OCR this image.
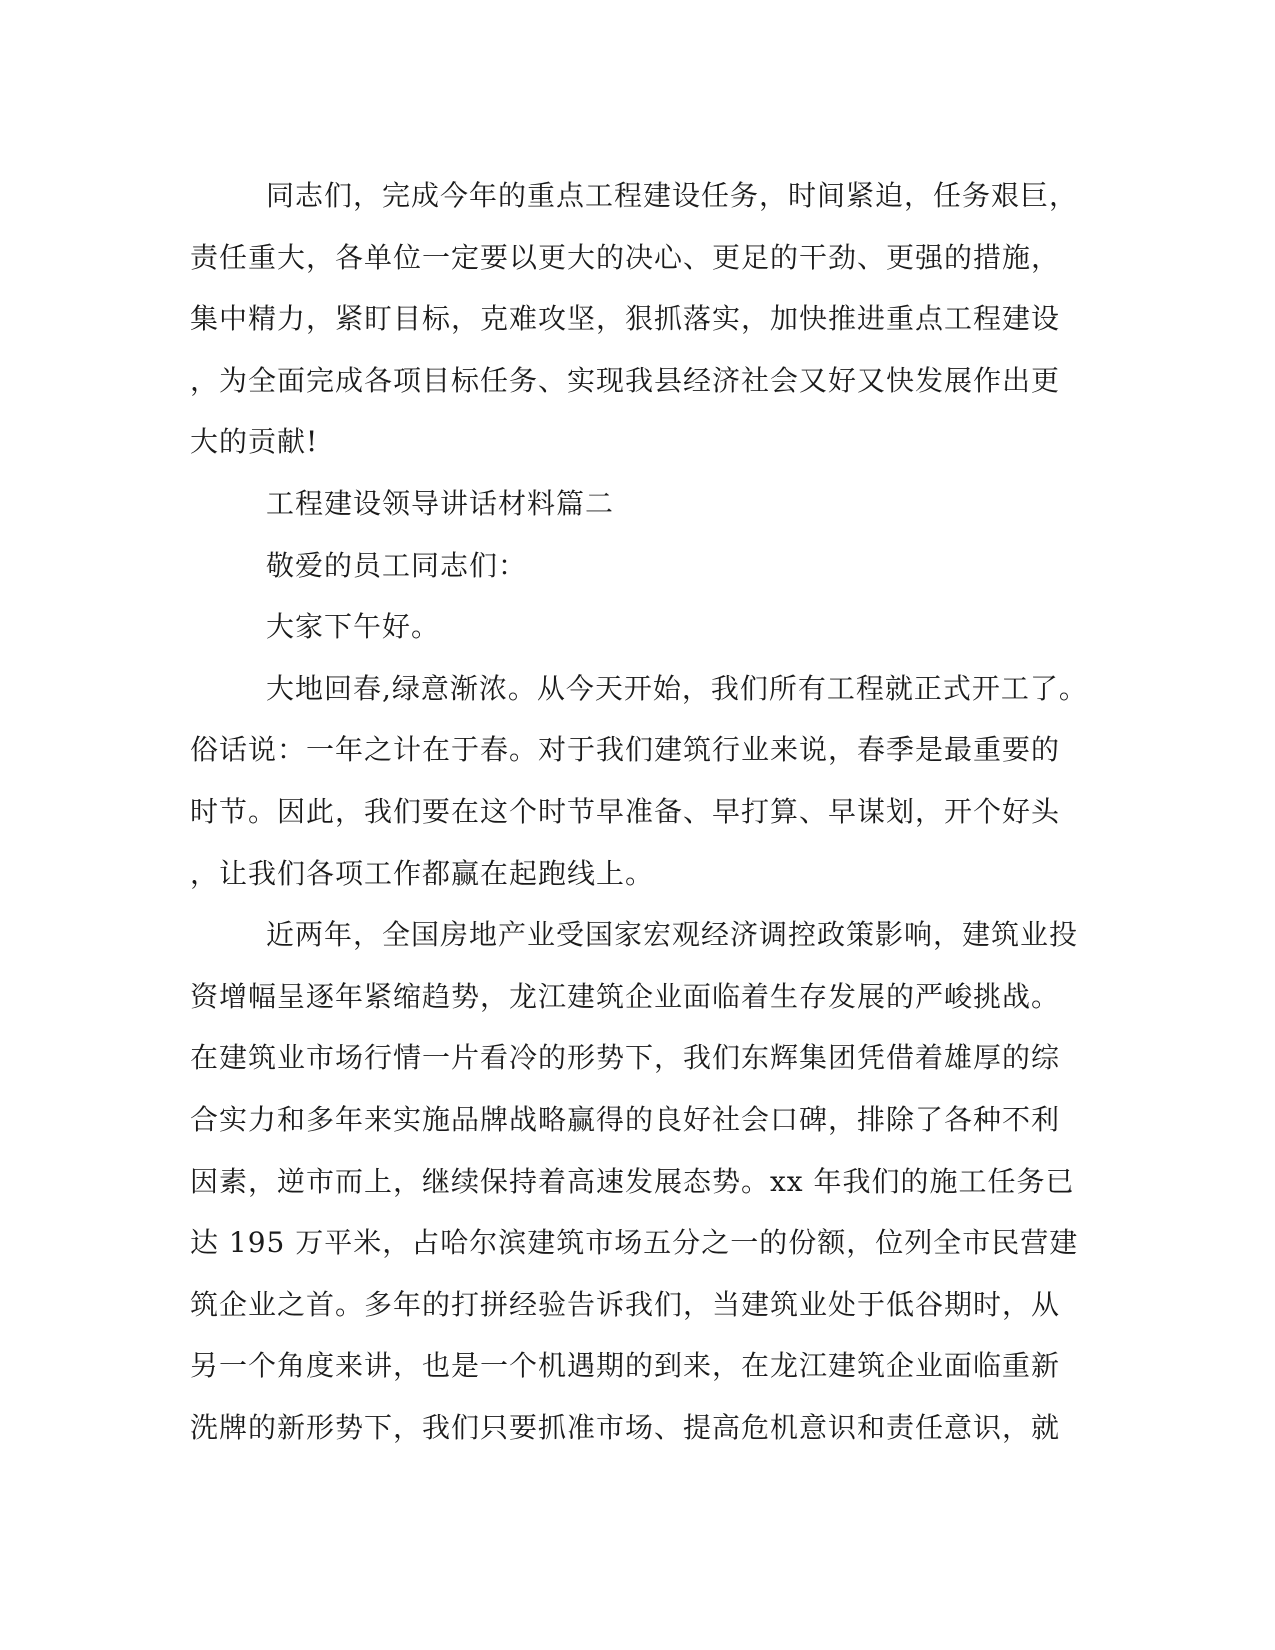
同志们，完成今年的重点工程建设任务，时间紧迫，任务艰巨，
责任重大，各单位一定要以更大的决心、更足的干劲、更强的措施，
集中精力，紧盯目标，克难攻坚，狠抓落实，加快推进重点工程建设
，为全面完成各项目标任务、实现我县经济社会又好又快发展作出更
大的贡献!
工程建设领导讲话材料篇二
敬爱的员工同志们：
大家下午好。
大地回春,绿意渐浓。从今天开始，我们所有工程就正式开工了。
俗话说：一年之计在于春。对于我们建筑行业来说，春季是最重要的
时节。因此，我们要在这个时节早准备、早打算、早谋划，开个好头
，让我们各项工作都赢在起跑线上。
近两年，全国房地产业受国家宏观经济调控政策影响，建筑业投
资增幅呈逐年紧缩趋势，龙江建筑企业面临着生存发展的严峻挑战。
在建筑业市场行情一片看冷的形势下，我们东辉集团凭借着雄厚的综
合实力和多年来实施品牌战略赢得的良好社会口碑，排除了各种不利
因素，逆市而上，继续保持着高速发展态势。xx 年我们的施工任务已
达 195 万平米，占哈尔滨建筑市场五分之一的份额，位列全市民营建
筑企业之首。多年的打拼经验告诉我们，当建筑业处于低谷期时，从
另一个角度来讲，也是一个机遇期的到来，在龙江建筑企业面临重新
洗牌的新形势下，我们只要抓准市场、提高危机意识和责任意识，就
